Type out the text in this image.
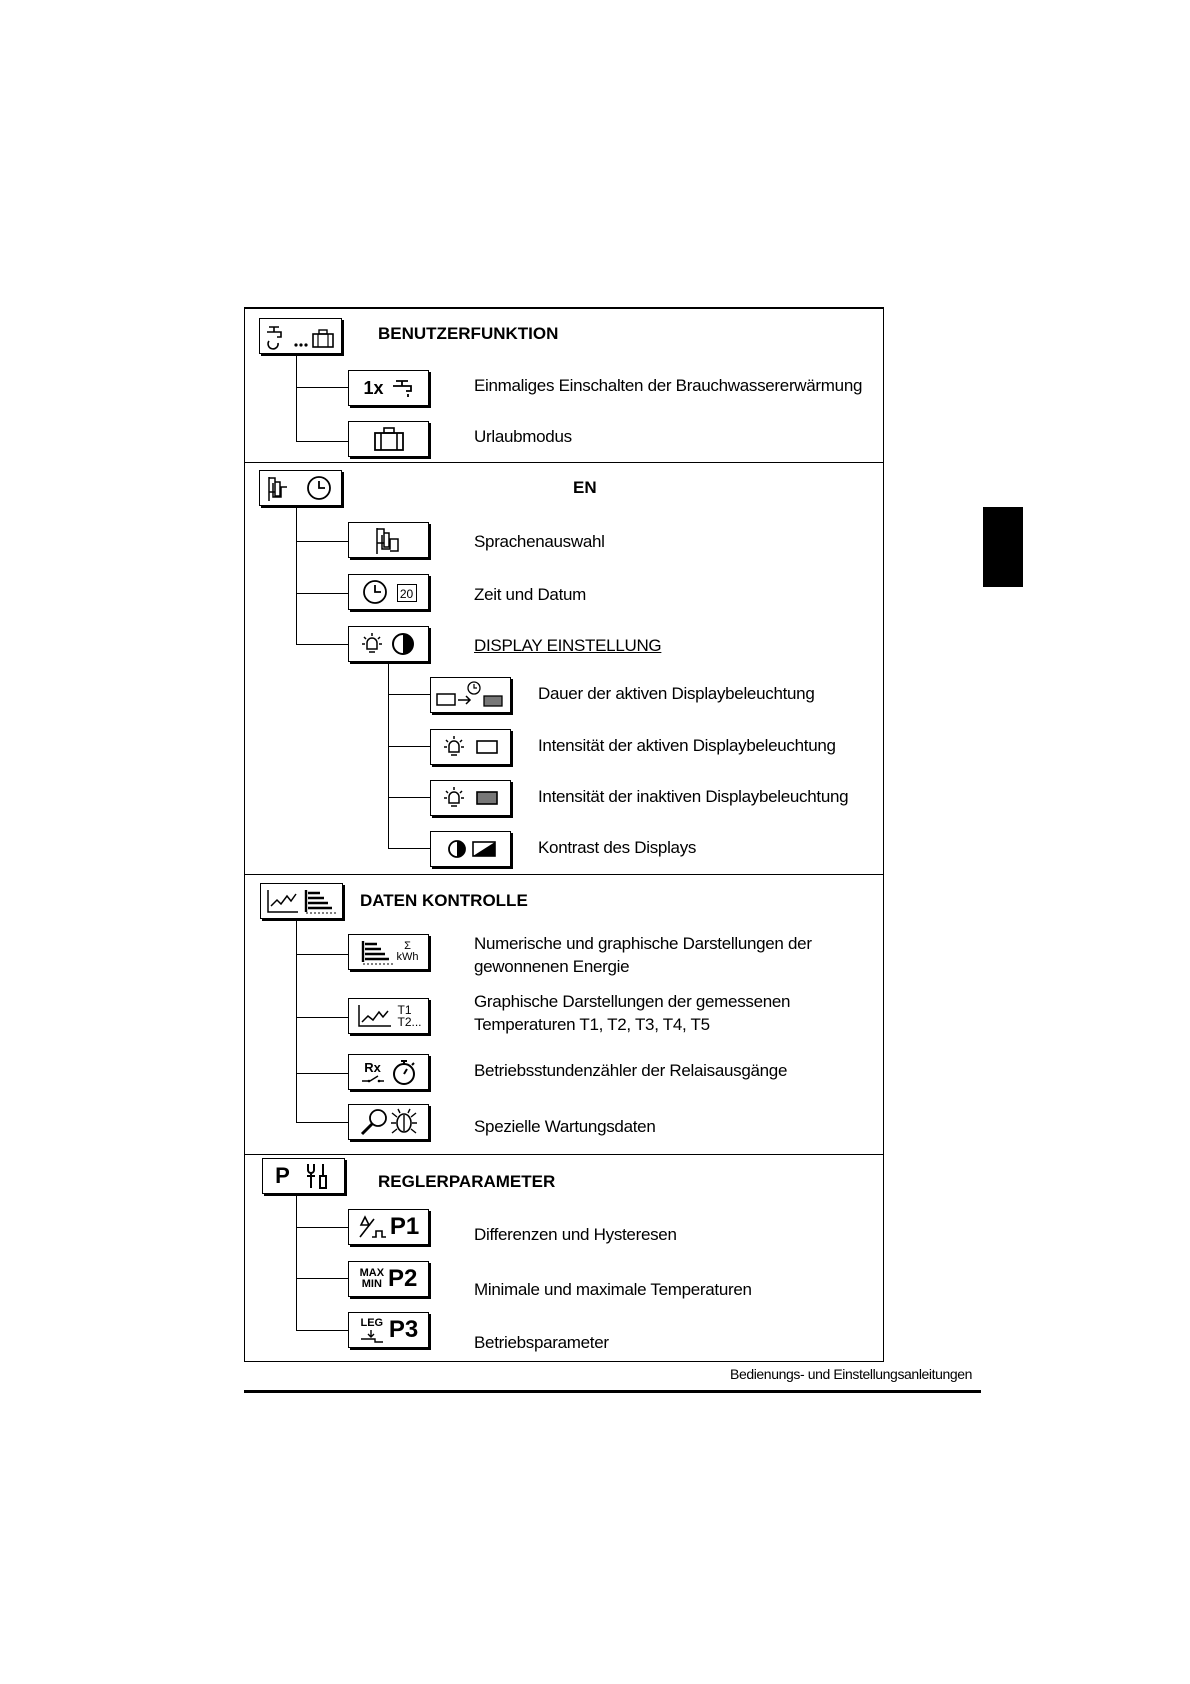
BENUTZERFUNKTION
1x	Einmaliges Einschalten der Brauchwassererwärmung
Urlaubmodus
EN
Sprachenauswahl
20	Zeit und Datum
DISPLAY EINSTELLUNG
Dauer der aktiven Displaybeleuchtung
Intensität der aktiven Displaybeleuchtung
Intensität der inaktiven Displaybeleuchtung
Kontrast des Displays
DATEN KONTROLLE
Σ
kWh
Numerische und graphische Darstellungen der
gewonnenen Energie
T1
T2...
Graphische Darstellungen der gemessenen
Temperaturen T1, T2, T3, T4, T5
Rx	Betriebsstundenzähler der Relaisausgänge
Spezielle Wartungsdaten
P	REGLERPARAMETER
P1	Differenzen und Hysteresen
MAX
MIN P2	Minimale und maximale Temperaturen
LEG P3	Betriebsparameter
Bedienungs- und Einstellungsanleitungen
